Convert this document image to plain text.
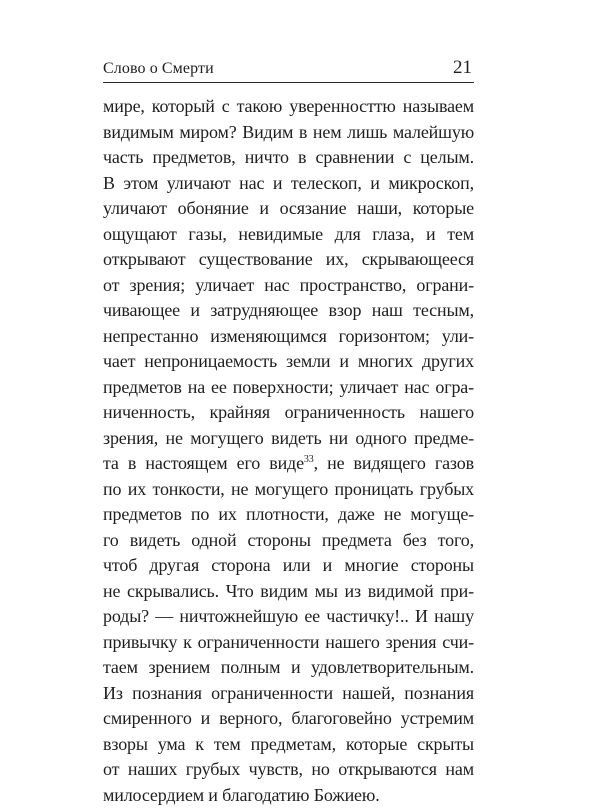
Слово о Смерти	21
мире, который с такою уверенносттю называем
видимым миром? Видим в нем лишь малейшую
часть предметов, ничто в сравнении с целым.
В этом уличают нас и телескоп, и микроскоп,
уличают обоняние и осязание наши, которые
ощущают газы, невидимые для глаза, и тем
открывают существование их, скрывающееся
от зрения; уличает нас пространство, ограни-
чивающее и затрудняющее взор наш тесным,
непрестанно изменяющимся горизонтом; ули-
чает непроницаемость земли и многих других
предметов на ее поверхности; уличает нас огра-
ниченность, крайняя ограниченность нашего
зрения, не могущего видеть ни одного предме-
та в настоящем его виде$^{33}$, не видящего газов
по их тонкости, не могущего проницать грубых
предметов по их плотности, даже не могуще-
го видеть одной стороны предмета без того,
чтоб другая сторона или и многие стороны
не скрывались. Что видим мы из видимой при-
роды? — ничтожнейшую ее частичку!.. И нашу
привычку к ограниченности нашего зрения счи-
таем зрением полным и удовлетворительным.
Из познания ограниченности нашей, познания
смиренного и верного, благоговейно устремим
взоры ума к тем предметам, которые скрыты
от наших грубых чувств, но открываются нам
милосердием и благодатию Божиею.
